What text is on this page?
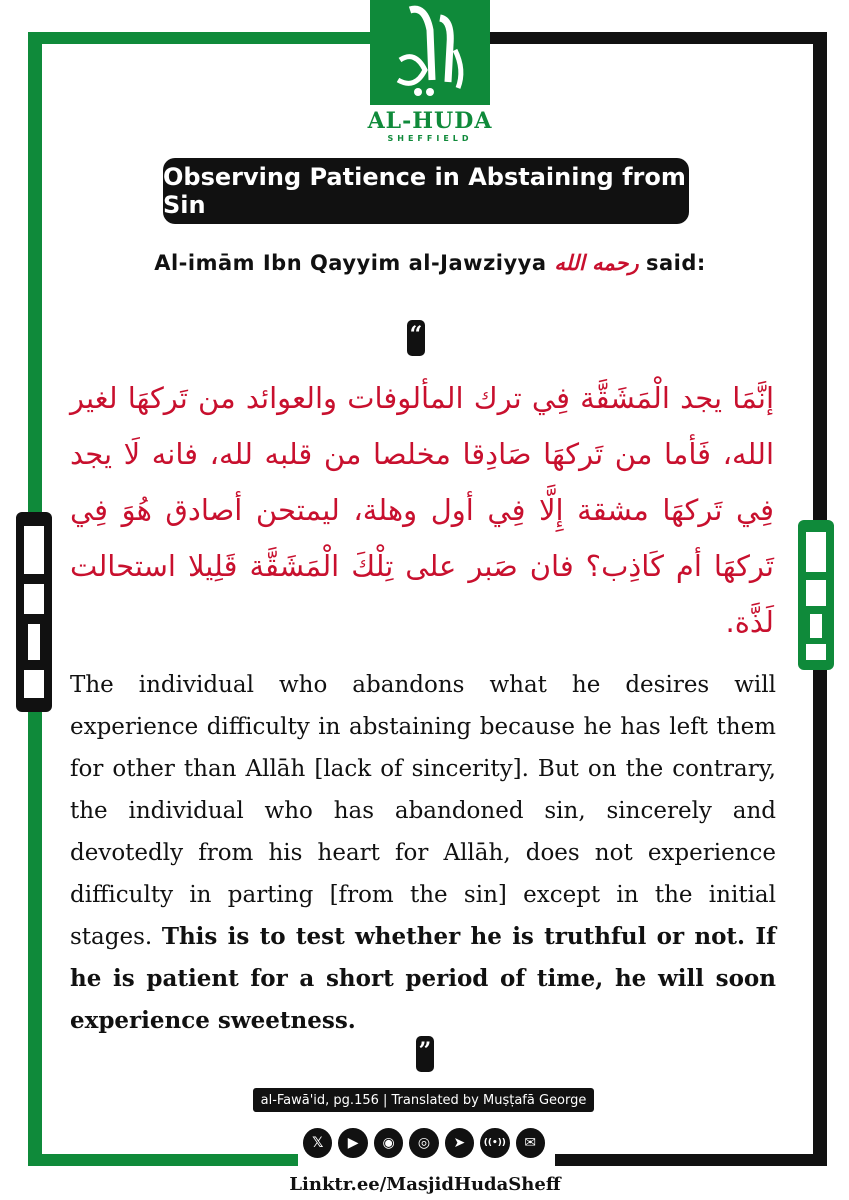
AL-HUDA
SHEFFIELD
Observing Patience in Abstaining from Sin
Al-imām Ibn Qayyim al-Jawziyya رحمه الله said:
“
إنَّمَا يجد الْمَشَقَّة فِي ترك المألوفات والعوائد من تَركهَا لغير الله، فَأما من تَركهَا صَادِقا مخلصا من قلبه لله، فانه لَا يجد فِي تَركهَا مشقة إِلَّا فِي أول وهلة، ليمتحن أصادق هُوَ فِي تَركهَا أم كَاذِب؟ فان صَبر على تِلْكَ الْمَشَقَّة قَلِيلا استحالت لَذَّة.
The individual who abandons what he desires will experience difficulty in abstaining because he has left them for other than Allāh [lack of sincerity]. But on the contrary, the individual who has abandoned sin, sincerely and devotedly from his heart for Allāh, does not experience difficulty in parting [from the sin] except in the initial stages. This is to test whether he is truthful or not. If he is patient for a short period of time, he will soon experience sweetness.
”
al-Fawā'id, pg.156 | Translated by Muṣṭafā George
𝕏	▶	◉	◎	➤	((•))	✉
Linktr.ee/MasjidHudaSheff
